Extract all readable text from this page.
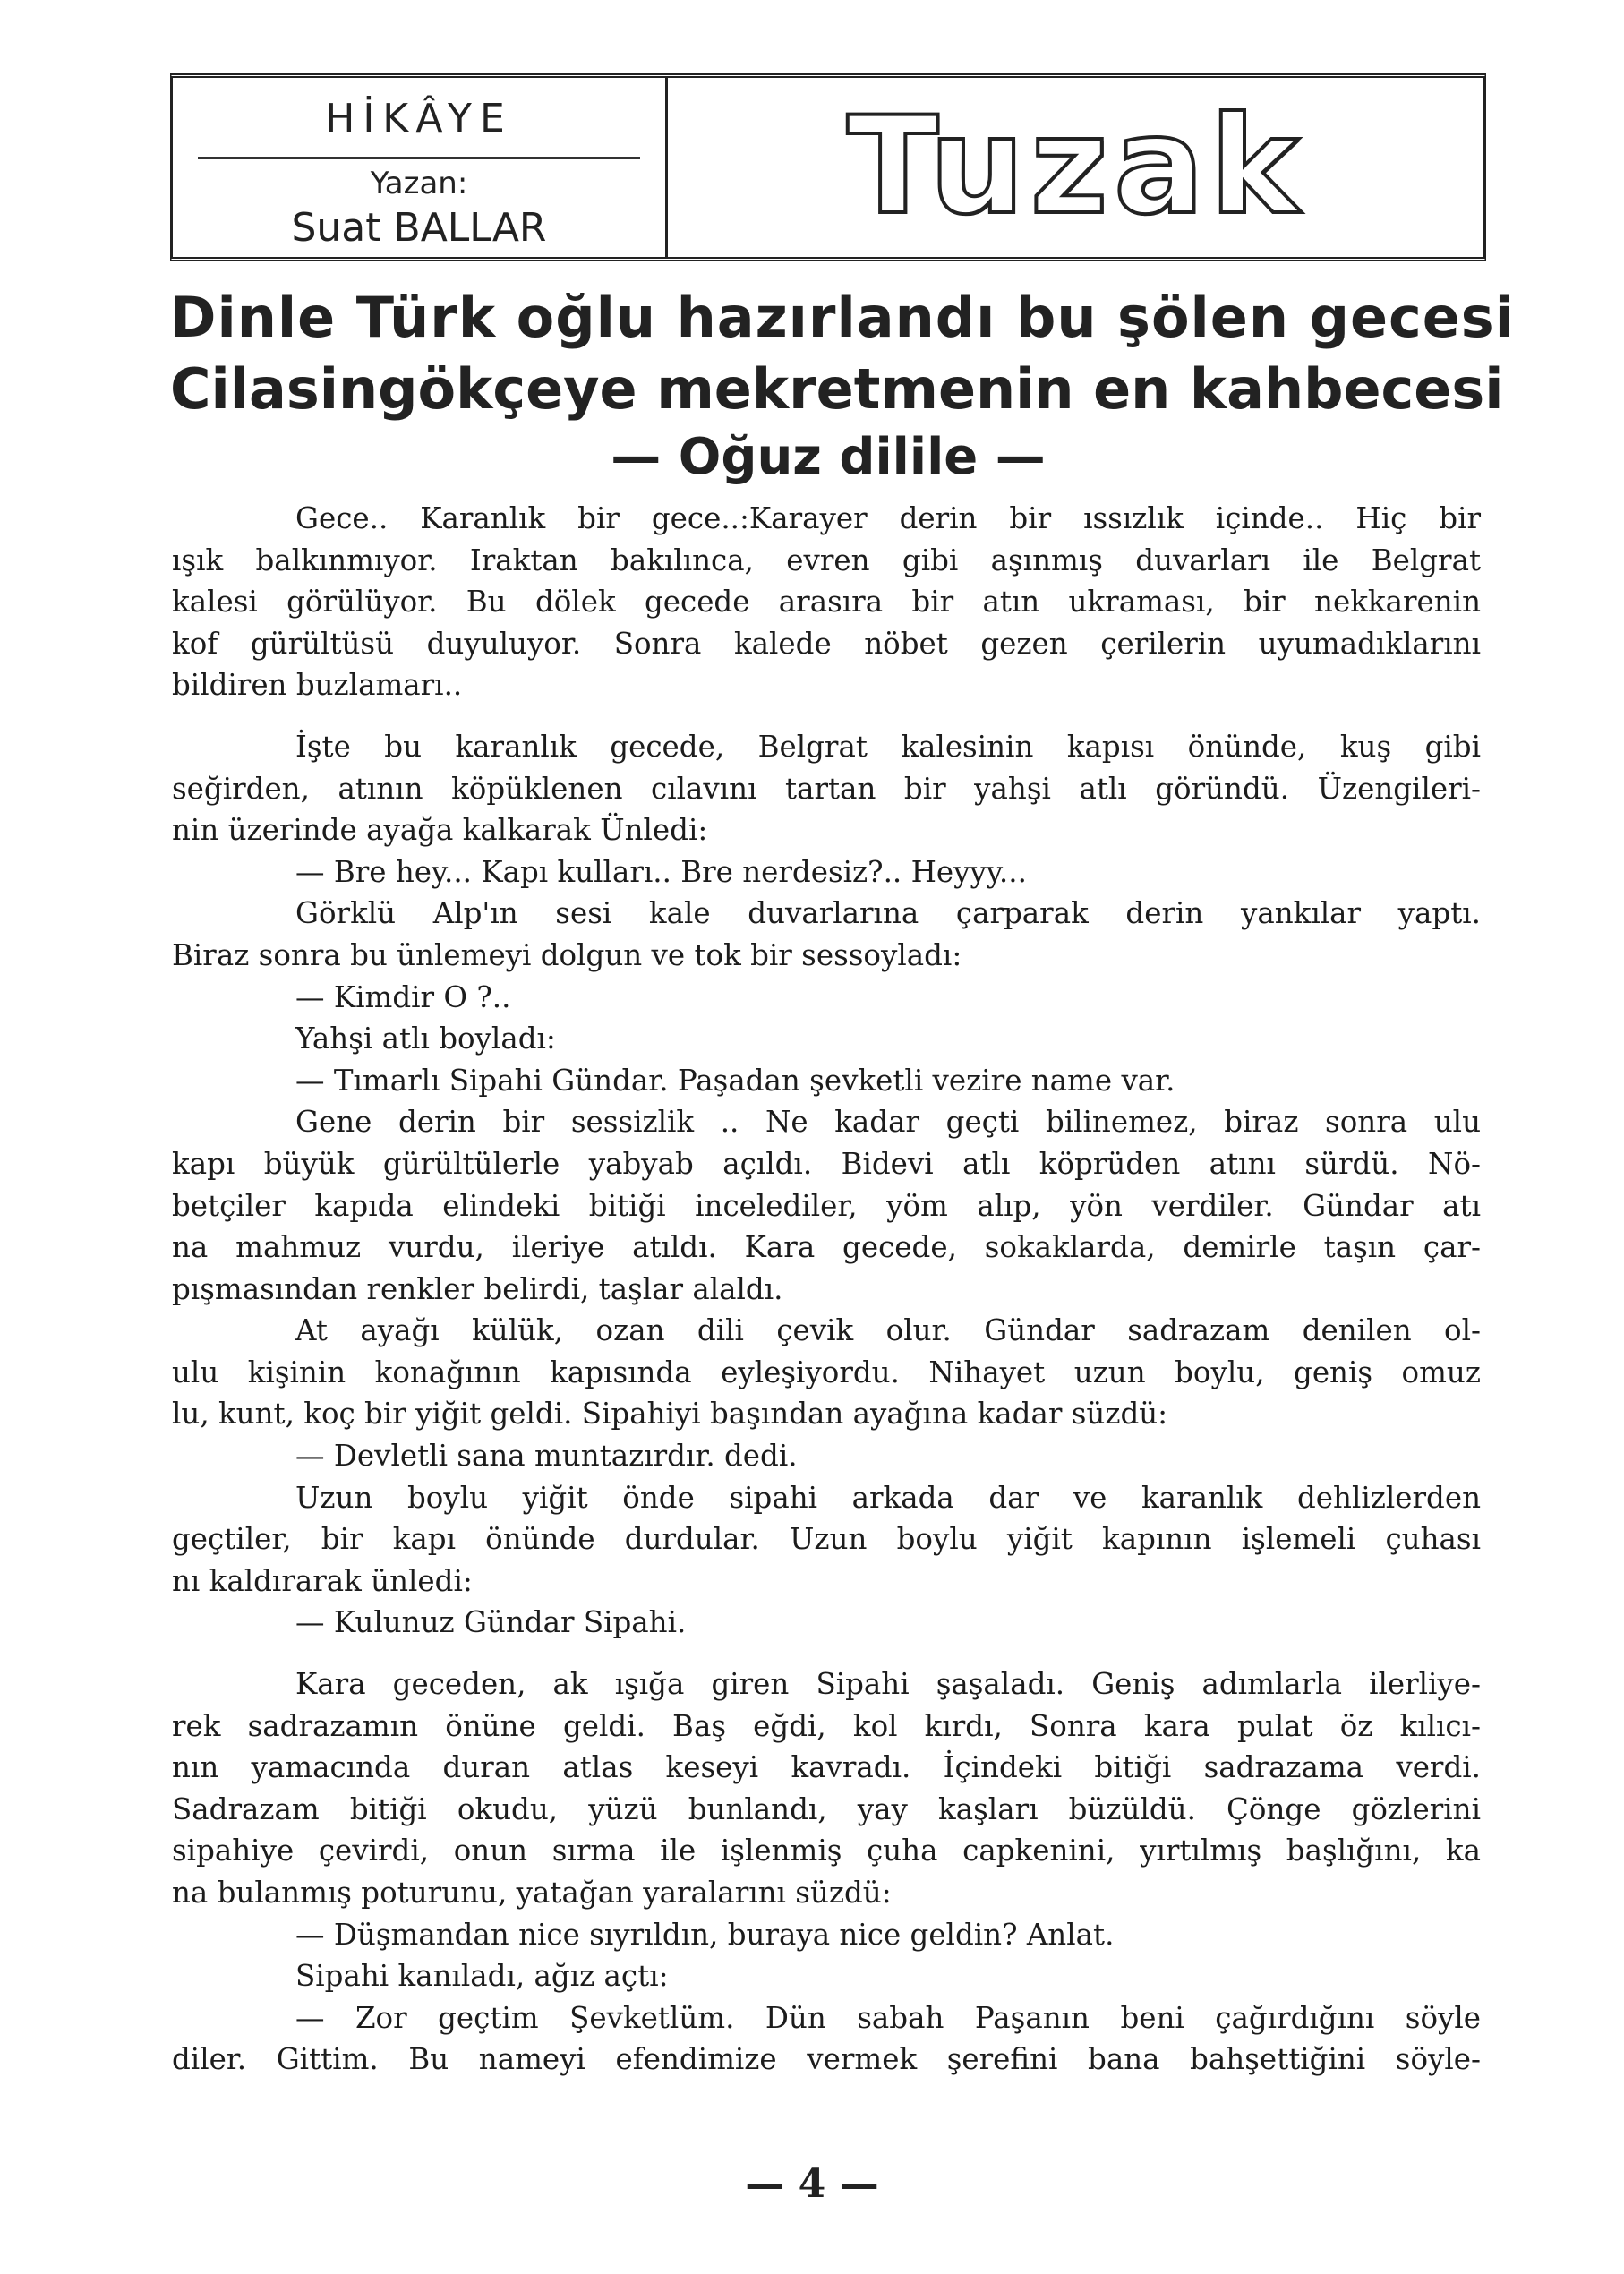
HİKÂYE
Yazan:
Suat BALLAR	Tuzak
Dinle Türk oğlu hazırlandı bu şölen gecesi
Cilasingökçeye mekretmenin en kahbecesi
— Oğuz dilile —
Gece.. Karanlık bir gece..:Karayer derin bir ıssızlık içinde.. Hiç bir
ışık balkınmıyor. Iraktan bakılınca, evren gibi aşınmış duvarları ile Belgrat
kalesi görülüyor. Bu dölek gecede arasıra bir atın ukraması, bir nekkarenin
kof gürültüsü duyuluyor. Sonra kalede nöbet gezen çerilerin uyumadıklarını
bildiren buzlamarı..
İşte bu karanlık gecede, Belgrat kalesinin kapısı önünde, kuş gibi
seğirden, atının köpüklenen cılavını tartan bir yahşi atlı göründü. Üzengileri-
nin üzerinde ayağa kalkarak Ünledi:
— Bre hey... Kapı kulları.. Bre nerdesiz?.. Heyyy...
Görklü Alp'ın sesi kale duvarlarına çarparak derin yankılar yaptı.
Biraz sonra bu ünlemeyi dolgun ve tok bir sessoyladı:
— Kimdir O ?..
Yahşi atlı boyladı:
— Tımarlı Sipahi Gündar. Paşadan şevketli vezire name var.
Gene derin bir sessizlik .. Ne kadar geçti bilinemez, biraz sonra ulu
kapı büyük gürültülerle yabyab açıldı. Bidevi atlı köprüden atını sürdü. Nö-
betçiler kapıda elindeki bitiği incelediler, yöm alıp, yön verdiler. Gündar atı
na mahmuz vurdu, ileriye atıldı. Kara gecede, sokaklarda, demirle taşın çar-
pışmasından renkler belirdi, taşlar alaldı.
At ayağı külük, ozan dili çevik olur. Gündar sadrazam denilen ol-
ulu kişinin konağının kapısında eyleşiyordu. Nihayet uzun boylu, geniş omuz
lu, kunt, koç bir yiğit geldi. Sipahiyi başından ayağına kadar süzdü:
— Devletli sana muntazırdır. dedi.
Uzun boylu yiğit önde sipahi arkada dar ve karanlık dehlizlerden
geçtiler, bir kapı önünde durdular. Uzun boylu yiğit kapının işlemeli çuhası
nı kaldırarak ünledi:
— Kulunuz Gündar Sipahi.
Kara geceden, ak ışığa giren Sipahi şaşaladı. Geniş adımlarla ilerliye-
rek sadrazamın önüne geldi. Baş eğdi, kol kırdı, Sonra kara pulat öz kılıcı-
nın yamacında duran atlas keseyi kavradı. İçindeki bitiği sadrazama verdi.
Sadrazam bitiği okudu, yüzü bunlandı, yay kaşları büzüldü. Çönge gözlerini
sipahiye çevirdi, onun sırma ile işlenmiş çuha capkenini, yırtılmış başlığını, ka
na bulanmış poturunu, yatağan yaralarını süzdü:
— Düşmandan nice sıyrıldın, buraya nice geldin? Anlat.
Sipahi kanıladı, ağız açtı:
— Zor geçtim Şevketlüm. Dün sabah Paşanın beni çağırdığını söyle
diler. Gittim. Bu nameyi efendimize vermek şerefini bana bahşettiğini söyle-
— 4 —
